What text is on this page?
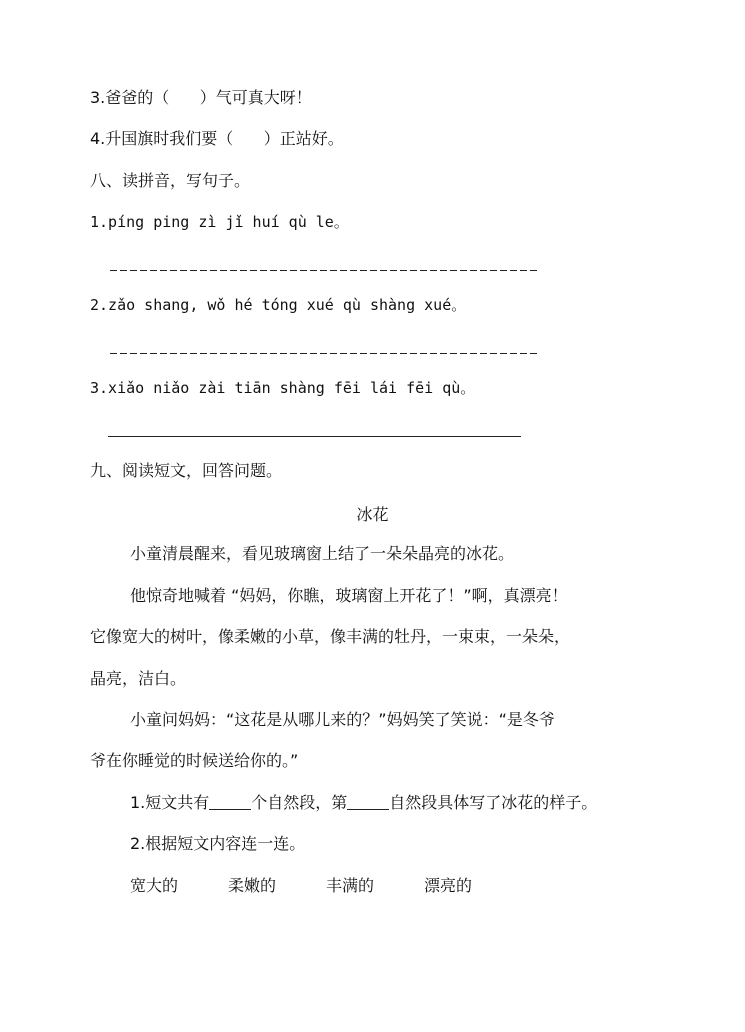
3.爸爸的（      ）气可真大呀！
4.升国旗时我们要（      ）正站好。
八、读拼音，写句子。
1.píng ping zì jǐ huí qù le。
2.zǎo shang, wǒ hé tóng xué qù shàng xué。
3.xiǎo niǎo zài tiān shàng fēi lái fēi qù。
九、阅读短文，回答问题。
冰花
小童清晨醒来，看见玻璃窗上结了一朵朵晶亮的冰花。
他惊奇地喊着 “妈妈，你瞧，玻璃窗上开花了！”啊，真漂亮！
它像宽大的树叶，像柔嫩的小草，像丰满的牡丹，一束束，一朵朵，
晶亮，洁白。
小童问妈妈：“这花是从哪儿来的？”妈妈笑了笑说：“是冬爷
爷在你睡觉的时候送给你的。”
1.短文共有	个自然段，第	自然段具体写了冰花的样子。
2.根据短文内容连一连。
宽大的	柔嫩的	丰满的	漂亮的
